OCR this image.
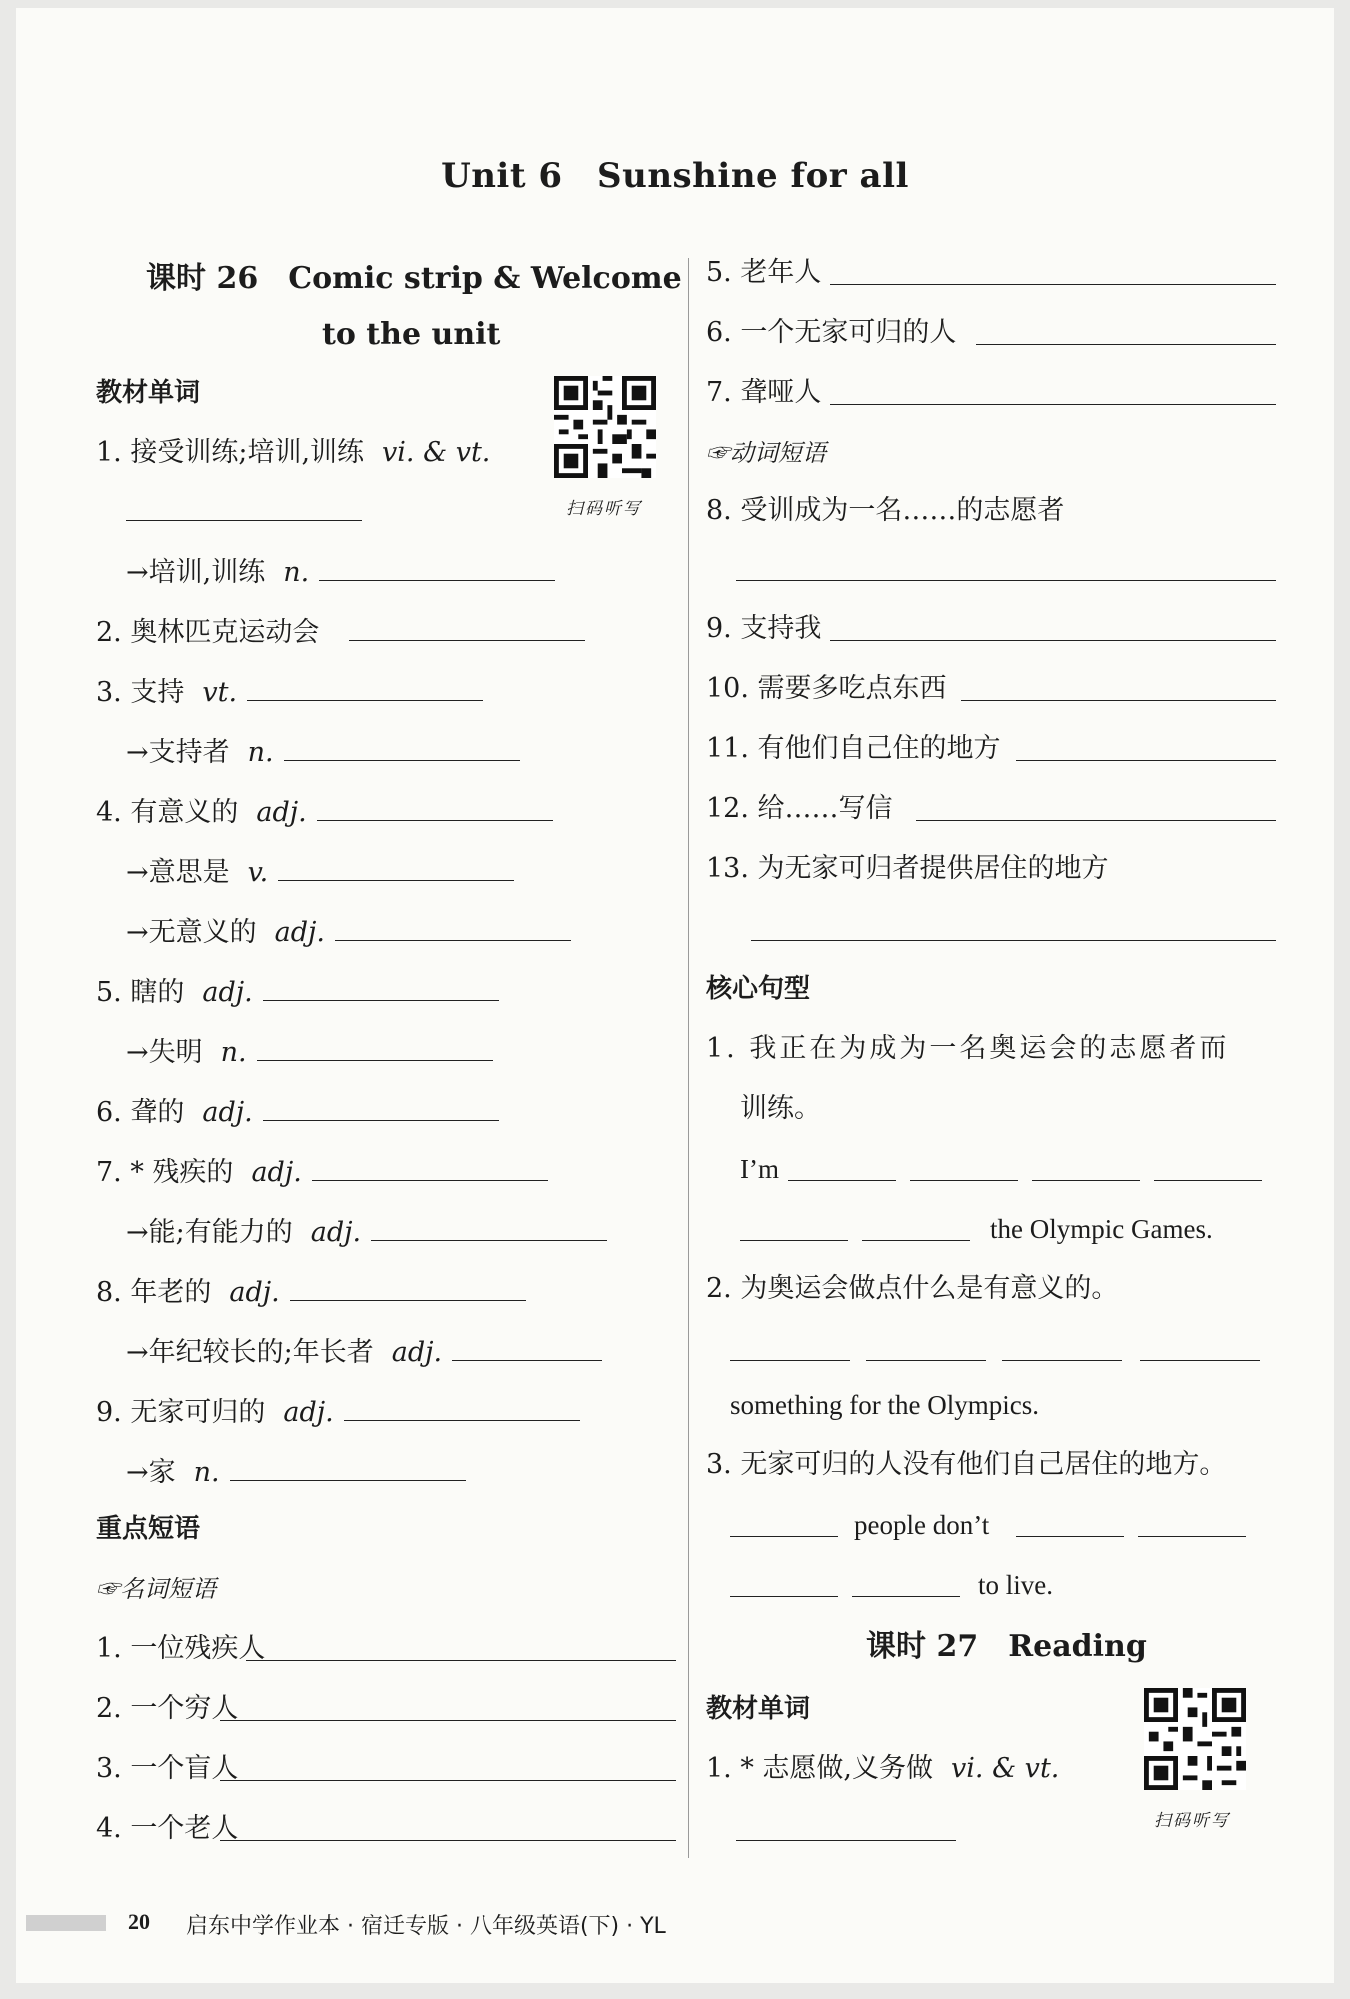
Unit 6　Sunshine for all
课时 26　Comic strip & Welcome
to the unit
教材单词
扫码听写
1. 接受训练;培训,训练 vi. & vt.
→培训,训练 n.
2. 奥林匹克运动会
3. 支持 vt.
→支持者 n.
4. 有意义的 adj.
→意思是 v.
→无意义的 adj.
5. 瞎的 adj.
→失明 n.
6. 聋的 adj.
7. * 残疾的 adj.
→能;有能力的 adj.
8. 年老的 adj.
→年纪较长的;年长者 adj.
9. 无家可归的 adj.
→家 n.
重点短语
☞名词短语
1. 一位残疾人
2. 一个穷人
3. 一个盲人
4. 一个老人
5. 老年人
6. 一个无家可归的人
7. 聋哑人
☞动词短语
8. 受训成为一名……的志愿者
9. 支持我
10. 需要多吃点东西
11. 有他们自己住的地方
12. 给……写信
13. 为无家可归者提供居住的地方
核心句型
1. 我正在为成为一名奥运会的志愿者而
训练。
I’m
the Olympic Games.
2. 为奥运会做点什么是有意义的。
something for the Olympics.
3. 无家可归的人没有他们自己居住的地方。
people don’t
to live.
课时 27　Reading
教材单词
扫码听写
1. * 志愿做,义务做 vi. & vt.
20 启东中学作业本 · 宿迁专版 · 八年级英语(下) · YL
